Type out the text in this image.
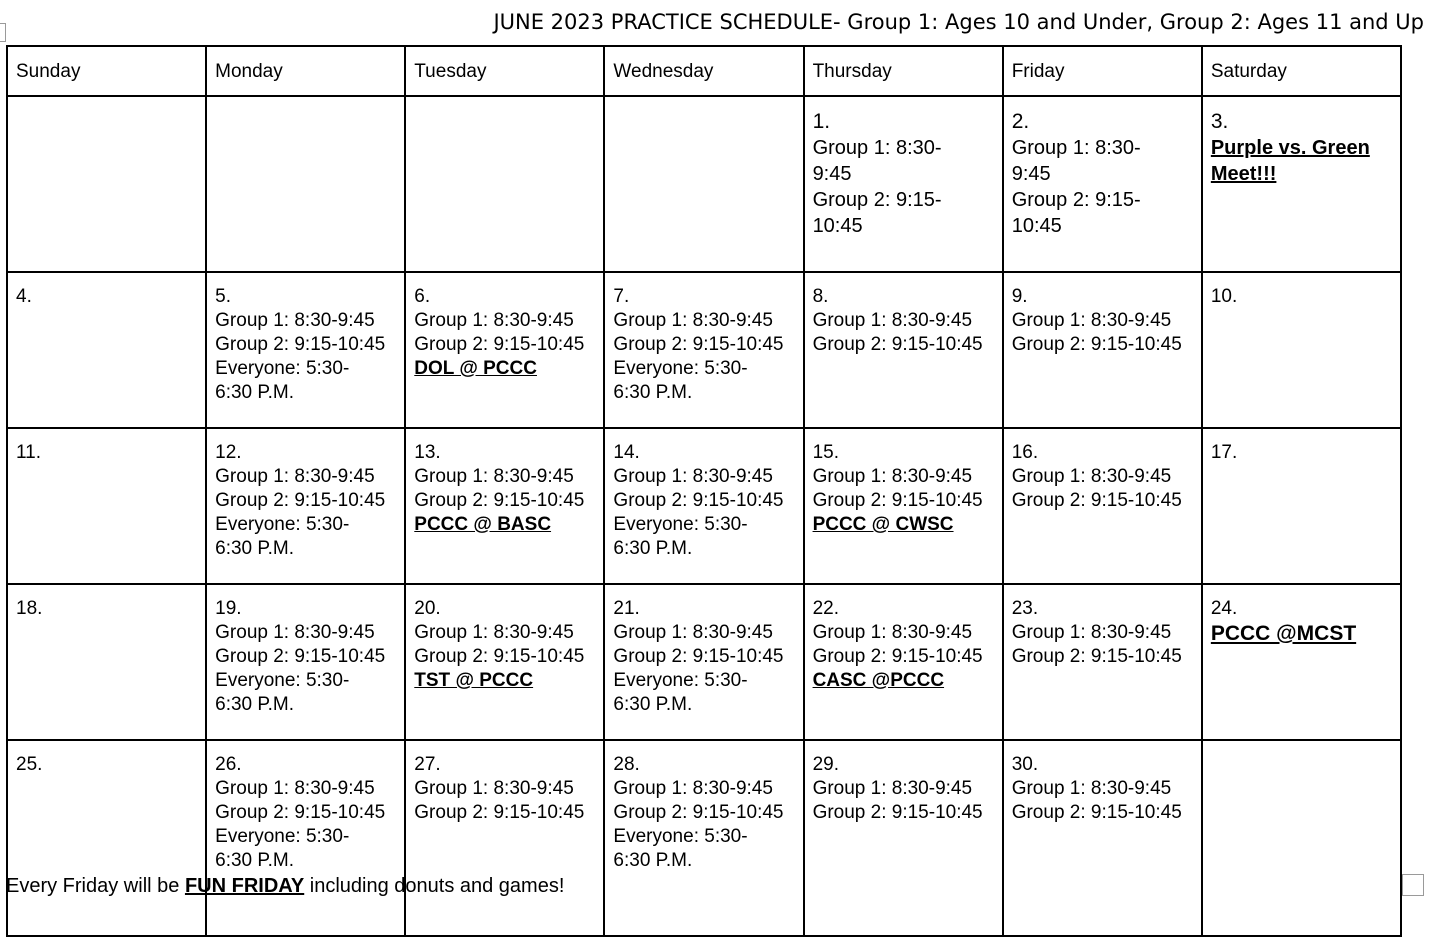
JUNE 2023 PRACTICE SCHEDULE- Group 1: Ages 10 and Under, Group 2: Ages 11 and Up
Sunday	Monday	Tuesday	Wednesday	Thursday	Friday	Saturday

				1.
Group 1: 8:30-
9:45
Group 2: 9:15-
10:45	2.
Group 1: 8:30-
9:45
Group 2: 9:15-
10:45	3.
Purple vs. Green
Meet!!!

4.	5.
Group 1: 8:30-9:45
Group 2: 9:15-10:45
Everyone: 5:30-
6:30 P.M.	6.
Group 1: 8:30-9:45
Group 2: 9:15-10:45
DOL @ PCCC	7.
Group 1: 8:30-9:45
Group 2: 9:15-10:45
Everyone: 5:30-
6:30 P.M.	8.
Group 1: 8:30-9:45
Group 2: 9:15-10:45	9.
Group 1: 8:30-9:45
Group 2: 9:15-10:45	10.

11.	12.
Group 1: 8:30-9:45
Group 2: 9:15-10:45
Everyone: 5:30-
6:30 P.M.	13.
Group 1: 8:30-9:45
Group 2: 9:15-10:45
PCCC @ BASC	14.
Group 1: 8:30-9:45
Group 2: 9:15-10:45
Everyone: 5:30-
6:30 P.M.	15.
Group 1: 8:30-9:45
Group 2: 9:15-10:45
PCCC @ CWSC	16.
Group 1: 8:30-9:45
Group 2: 9:15-10:45	17.

18.	19.
Group 1: 8:30-9:45
Group 2: 9:15-10:45
Everyone: 5:30-
6:30 P.M.	20.
Group 1: 8:30-9:45
Group 2: 9:15-10:45
TST @ PCCC	21.
Group 1: 8:30-9:45
Group 2: 9:15-10:45
Everyone: 5:30-
6:30 P.M.	22.
Group 1: 8:30-9:45
Group 2: 9:15-10:45
CASC @PCCC	23.
Group 1: 8:30-9:45
Group 2: 9:15-10:45	24.
PCCC @MCST

25.	26.
Group 1: 8:30-9:45
Group 2: 9:15-10:45
Everyone: 5:30-
6:30 P.M.	27.
Group 1: 8:30-9:45
Group 2: 9:15-10:45	28.
Group 1: 8:30-9:45
Group 2: 9:15-10:45
Everyone: 5:30-
6:30 P.M.	29.
Group 1: 8:30-9:45
Group 2: 9:15-10:45	30.
Group 1: 8:30-9:45
Group 2: 9:15-10:45	

Every Friday will be FUN FRIDAY including donuts and games!
